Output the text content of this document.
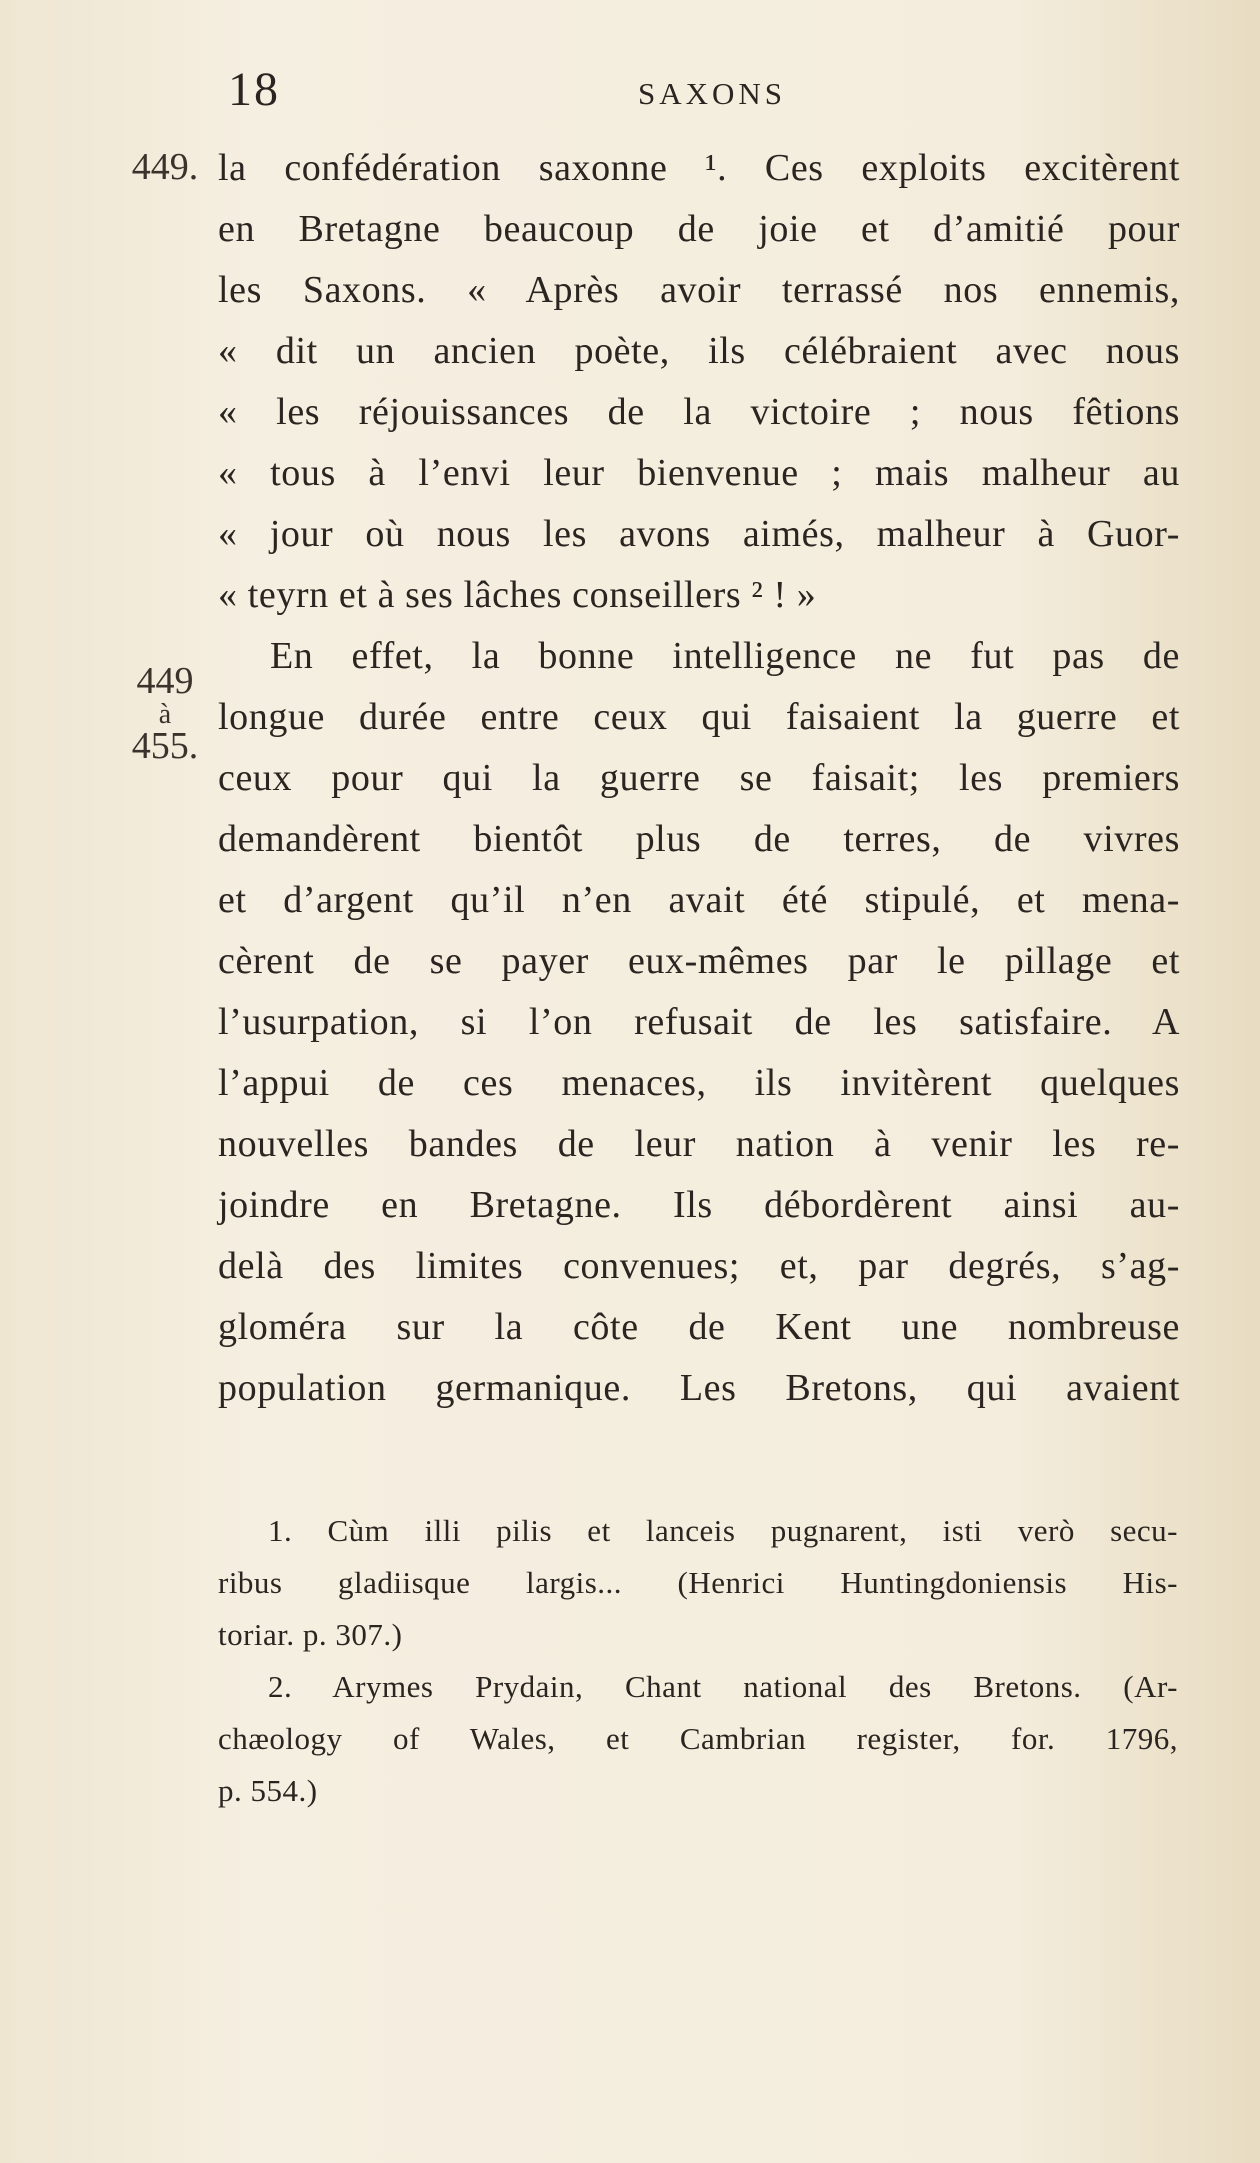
18	SAXONS
449.
449
à
455.
la confédération saxonne ¹. Ces exploits excitèrent
en Bretagne beaucoup de joie et d’amitié pour
les Saxons. « Après avoir terrassé nos ennemis,
« dit un ancien poète, ils célébraient avec nous
« les réjouissances de la victoire ; nous fêtions
« tous à l’envi leur bienvenue ; mais malheur au
« jour où nous les avons aimés, malheur à Guor-
« teyrn et à ses lâches conseillers ² ! »
En effet, la bonne intelligence ne fut pas de
longue durée entre ceux qui faisaient la guerre et
ceux pour qui la guerre se faisait; les premiers
demandèrent bientôt plus de terres, de vivres
et d’argent qu’il n’en avait été stipulé, et mena-
cèrent de se payer eux-mêmes par le pillage et
l’usurpation, si l’on refusait de les satisfaire. A
l’appui de ces menaces, ils invitèrent quelques
nouvelles bandes de leur nation à venir les re-
joindre en Bretagne. Ils débordèrent ainsi au-
delà des limites convenues; et, par degrés, s’ag-
gloméra sur la côte de Kent une nombreuse
population germanique. Les Bretons, qui avaient
1. Cùm illi pilis et lanceis pugnarent, isti verò secu-
ribus gladiisque largis... (Henrici Huntingdoniensis His-
toriar. p. 307.)
2. Arymes Prydain, Chant national des Bretons. (Ar-
chæology of Wales, et Cambrian register, for. 1796,
p. 554.)
